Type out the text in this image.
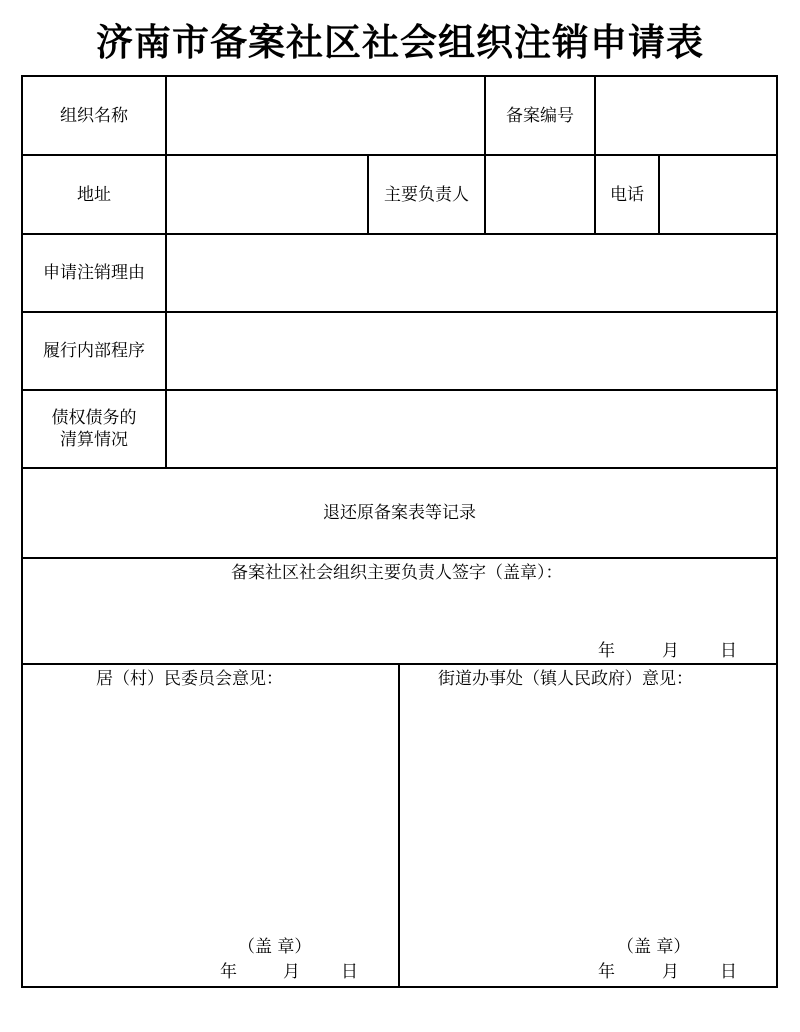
济南市备案社区社会组织注销申请表
组织名称	备案编号
地址	主要负责人	电话
申请注销理由
履行内部程序
债权债务的
清算情况
退还原备案表等记录
备案社区社会组织主要负责人签字（盖章）：
年	月 日
居（村）民委员会意见：
（盖 章）
年	月 日
街道办事处（镇人民政府）意见：
（盖 章）
年	月 日
